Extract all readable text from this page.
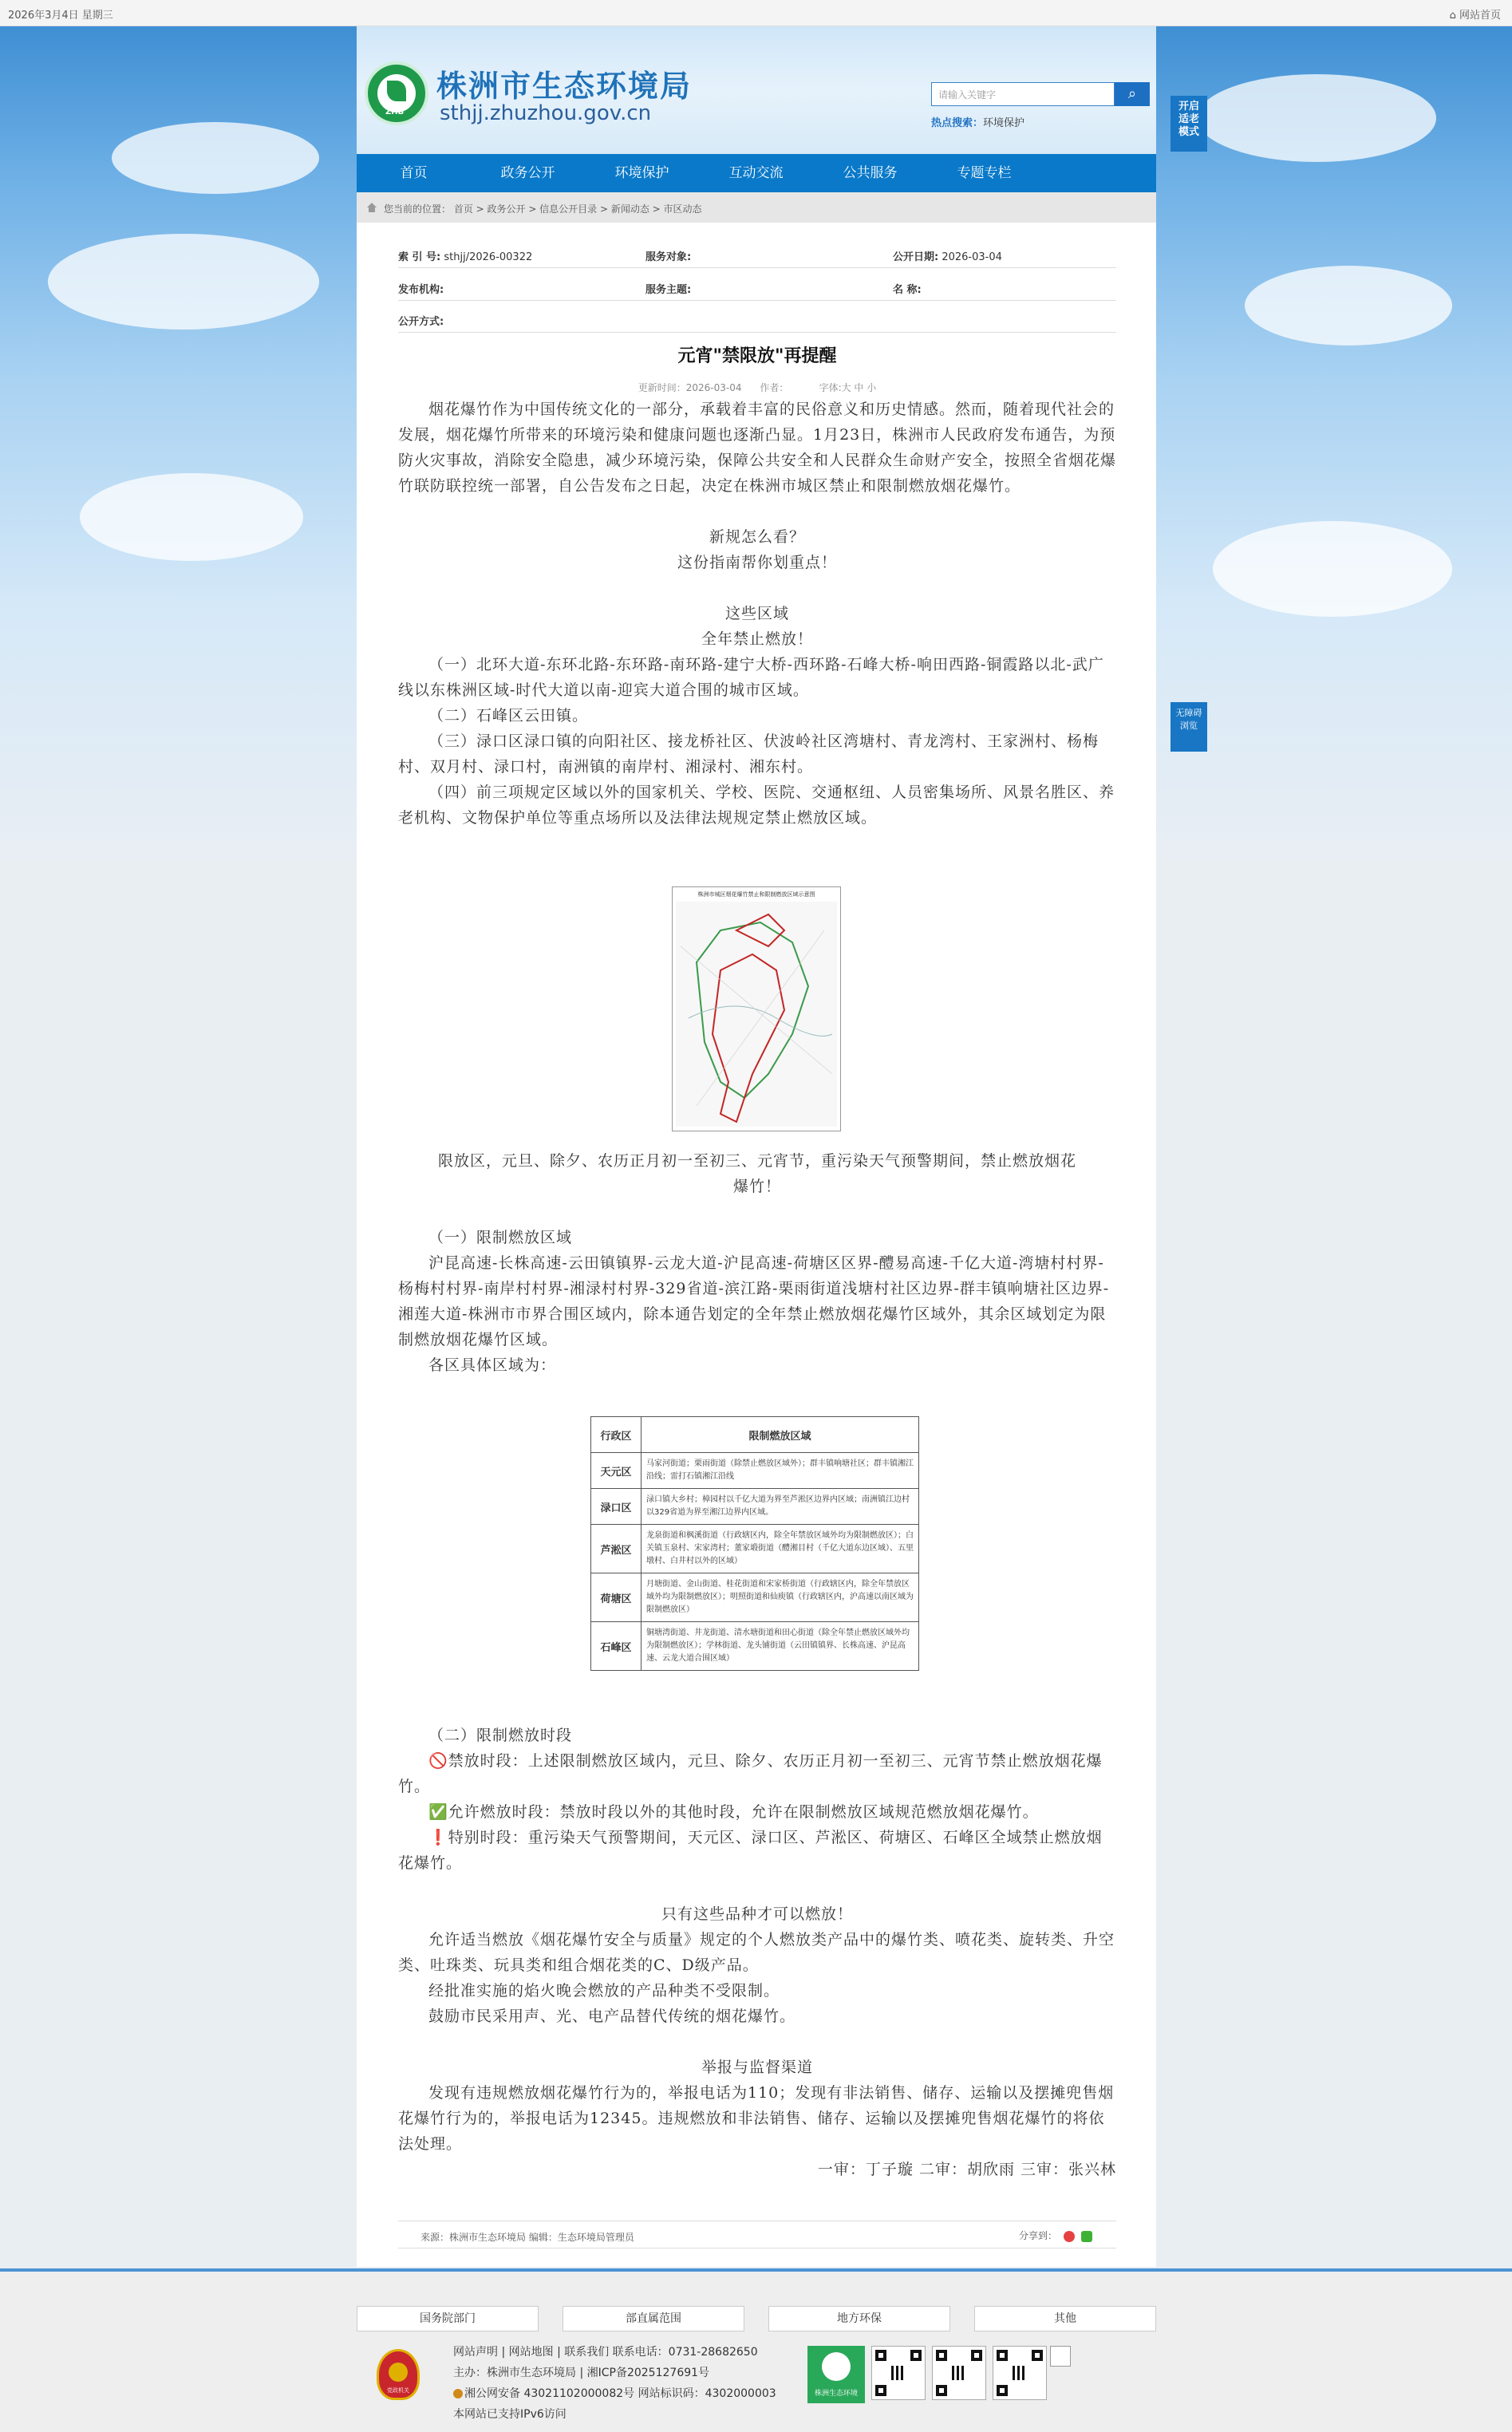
2026年3月4日 星期三	⌂ 网站首页
开启适老模式
无障碍浏览
ZHB
株洲市生态环境局
sthjj.zhuzhou.gov.cn
请输入关键字	⌕
热点搜索：环境保护
首页	政务公开	环境保护	互动交流	公共服务	专题专栏
您当前的位置： 首页 > 政务公开 > 信息公开目录 > 新闻动态 > 市区动态
索 引 号: sthjj/2026-00322	服务对象:	公开日期: 2026-03-04
发布机构:	服务主题:	名 称:
公开方式:
元宵"禁限放"再提醒
更新时间：2026-03-04 作者：	字体:大 中 小

烟花爆竹作为中国传统文化的一部分，承载着丰富的民俗意义和历史情感。然而，随着现代社会的发展，烟花爆竹所带来的环境污染和健康问题也逐渐凸显。1月23日，株洲市人民政府发布通告，为预防火灾事故，消除安全隐患，减少环境污染，保障公共安全和人民群众生命财产安全，按照全省烟花爆竹联防联控统一部署，自公告发布之日起，决定在株洲市城区禁止和限制燃放烟花爆竹。

新规怎么看？

这份指南帮你划重点！

这些区域

全年禁止燃放！

（一）北环大道-东环北路-东环路-南环路-建宁大桥-西环路-石峰大桥-响田西路-铜霞路以北-武广线以东株洲区域-时代大道以南-迎宾大道合围的城市区域。

（二）石峰区云田镇。

（三）渌口区渌口镇的向阳社区、接龙桥社区、伏波岭社区湾塘村、青龙湾村、王家洲村、杨梅村、双月村、渌口村，南洲镇的南岸村、湘渌村、湘东村。

（四）前三项规定区域以外的国家机关、学校、医院、交通枢纽、人员密集场所、风景名胜区、养老机构、文物保护单位等重点场所以及法律法规规定禁止燃放区域。

株洲市城区烟花爆竹禁止和限制燃放区域示意图

限放区，元旦、除夕、农历正月初一至初三、元宵节，重污染天气预警期间，禁止燃放烟花爆竹！

（一）限制燃放区域

沪昆高速-长株高速-云田镇镇界-云龙大道-沪昆高速-荷塘区区界-醴易高速-千亿大道-湾塘村村界-杨梅村村界-南岸村村界-湘渌村村界-329省道-滨江路-栗雨街道浅塘村社区边界-群丰镇响塘社区边界-湘莲大道-株洲市市界合围区域内，除本通告划定的全年禁止燃放烟花爆竹区域外，其余区域划定为限制燃放烟花爆竹区域。

各区具体区域为：

行政区	限制燃放区域
天元区	马家河街道；栗雨街道（除禁止燃放区域外）；群丰镇响塘社区；群丰镇湘江沿线；雷打石镇湘江沿线
渌口区	渌口镇大乡村；樟园村以千亿大道为界至芦淞区边界内区域；南洲镇江边村以329省道为界至湘江边界内区域。
芦淞区	龙泉街道和枫溪街道（行政辖区内，除全年禁放区域外均为限制燃放区）；白关镇玉泉村、宋家湾村；董家塅街道（醴湘目村（千亿大道东边区域）、五里墩村、白井村以外的区域）
荷塘区	月塘街道、金山街道、桂花街道和宋家桥街道（行政辖区内，除全年禁放区域外均为限制燃放区）；明照街道和仙庾镇（行政辖区内，沪高速以南区域为限制燃放区）
石峰区	铜塘湾街道、井龙街道、清水塘街道和田心街道（除全年禁止燃放区域外均为限制燃放区）；学林街道、龙头铺街道（云田镇镇界、长株高速、沪昆高速、云龙大道合围区域）

（二）限制燃放时段

🚫禁放时段：上述限制燃放区域内，元旦、除夕、农历正月初一至初三、元宵节禁止燃放烟花爆竹。

✅允许燃放时段：禁放时段以外的其他时段，允许在限制燃放区域规范燃放烟花爆竹。

❗特别时段：重污染天气预警期间，天元区、渌口区、芦淞区、荷塘区、石峰区全域禁止燃放烟花爆竹。

只有这些品种才可以燃放！

允许适当燃放《烟花爆竹安全与质量》规定的个人燃放类产品中的爆竹类、喷花类、旋转类、升空类、吐珠类、玩具类和组合烟花类的C、D级产品。

经批准实施的焰火晚会燃放的产品种类不受限制。

鼓励市民采用声、光、电产品替代传统的烟花爆竹。

举报与监督渠道

发现有违规燃放烟花爆竹行为的，举报电话为110；发现有非法销售、储存、运输以及摆摊兜售烟花爆竹行为的，举报电话为12345。违规燃放和非法销售、储存、运输以及摆摊兜售烟花爆竹的将依法处理。

一审：丁子璇 二审：胡欣雨 三审：张兴林

来源：株洲市生态环境局 编辑：生态环境局管理员	分享到：
国务院部门	部直属范围	地方环保	其他
党政机关
网站声明 | 网站地图 | 联系我们 联系电话：0731-28682650
主办：株洲市生态环境局 | 湘ICP备2025127691号
湘公网安备 43021102000082号 网站标识码：4302000003
本网站已支持IPv6访问
株洲生态环境
